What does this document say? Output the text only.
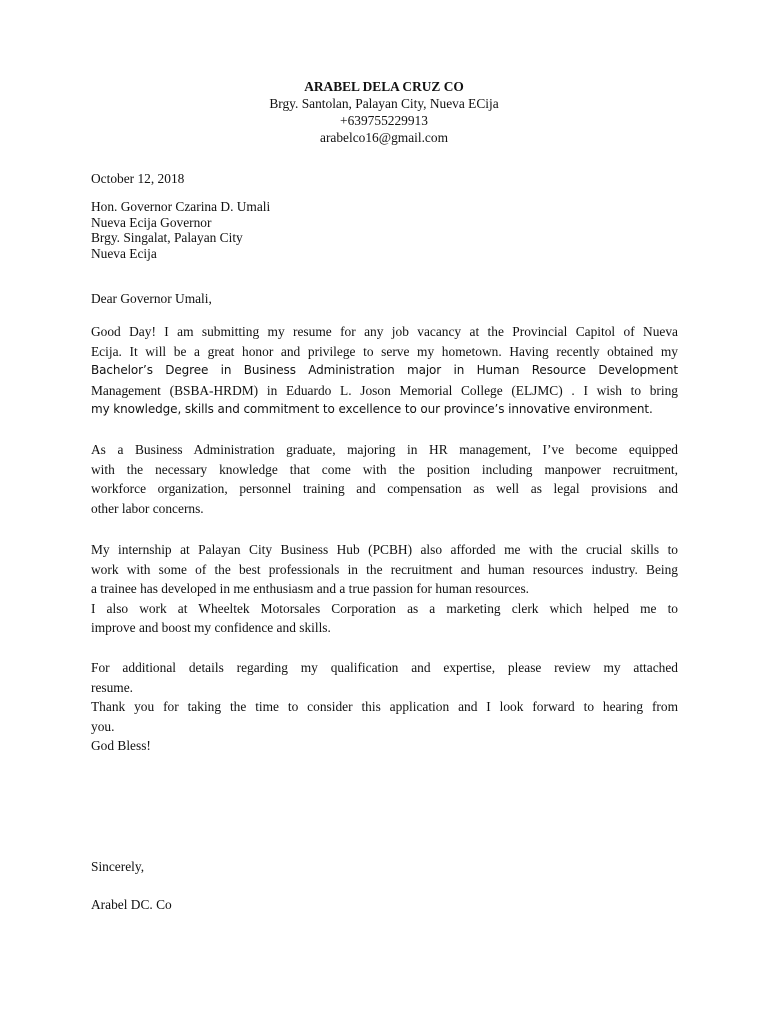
ARABEL DELA CRUZ CO
Brgy. Santolan, Palayan City, Nueva ECija
+639755229913
arabelco16@gmail.com
October 12, 2018
Hon. Governor Czarina D. Umali
Nueva Ecija Governor
Brgy. Singalat, Palayan City
Nueva Ecija
Dear Governor Umali,
Good Day! I am submitting my resume for any job vacancy at the Provincial Capitol of Nueva
Ecija. It will be a great honor and privilege to serve my hometown. Having recently obtained my
Bachelor’s Degree in Business Administration major in Human Resource Development
Management (BSBA-HRDM) in Eduardo L. Joson Memorial College (ELJMC) . I wish to bring
my knowledge, skills and commitment to excellence to our province’s innovative environment.
As a Business Administration graduate, majoring in HR management, I’ve become equipped
with the necessary knowledge that come with the position including manpower recruitment,
workforce organization, personnel training and compensation as well as legal provisions and
other labor concerns.
My internship at Palayan City Business Hub (PCBH) also afforded me with the crucial skills to
work with some of the best professionals in the recruitment and human resources industry. Being
a trainee has developed in me enthusiasm and a true passion for human resources.
I also work at Wheeltek Motorsales Corporation as a marketing clerk which helped me to
improve and boost my confidence and skills.
For additional details regarding my qualification and expertise, please review my attached
resume.
Thank you for taking the time to consider this application and I look forward to hearing from
you.
God Bless!
Sincerely,
Arabel DC. Co
